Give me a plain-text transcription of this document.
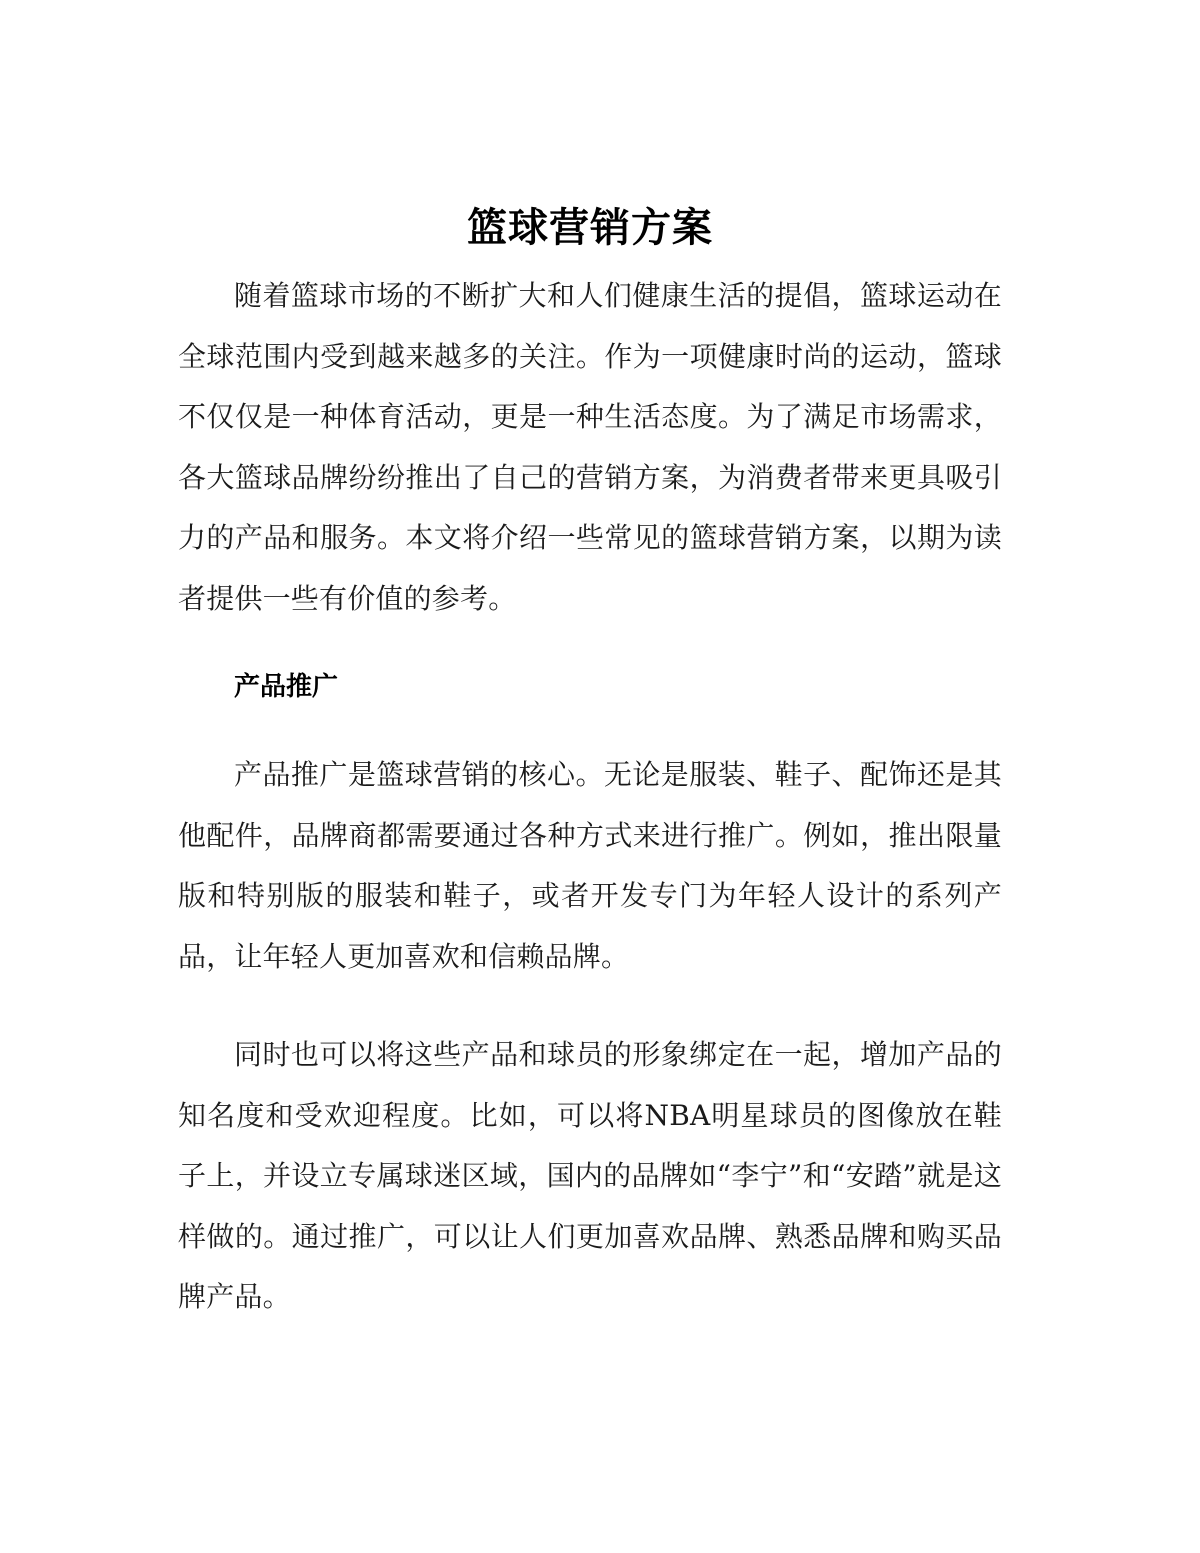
篮球营销方案

随着篮球市场的不断扩大和人们健康生活的提倡，篮球运动在全球范围内受到越来越多的关注。作为一项健康时尚的运动，篮球不仅仅是一种体育活动，更是一种生活态度。为了满足市场需求，各大篮球品牌纷纷推出了自己的营销方案，为消费者带来更具吸引力的产品和服务。本文将介绍一些常见的篮球营销方案，以期为读者提供一些有价值的参考。

产品推广

产品推广是篮球营销的核心。无论是服装、鞋子、配饰还是其他配件，品牌商都需要通过各种方式来进行推广。例如，推出限量版和特别版的服装和鞋子，或者开发专门为年轻人设计的系列产品，让年轻人更加喜欢和信赖品牌。

同时也可以将这些产品和球员的形象绑定在一起，增加产品的知名度和受欢迎程度。比如，可以将NBA明星球员的图像放在鞋子上，并设立专属球迷区域，国内的品牌如“李宁”和“安踏”就是这样做的。通过推广，可以让人们更加喜欢品牌、熟悉品牌和购买品牌产品。
